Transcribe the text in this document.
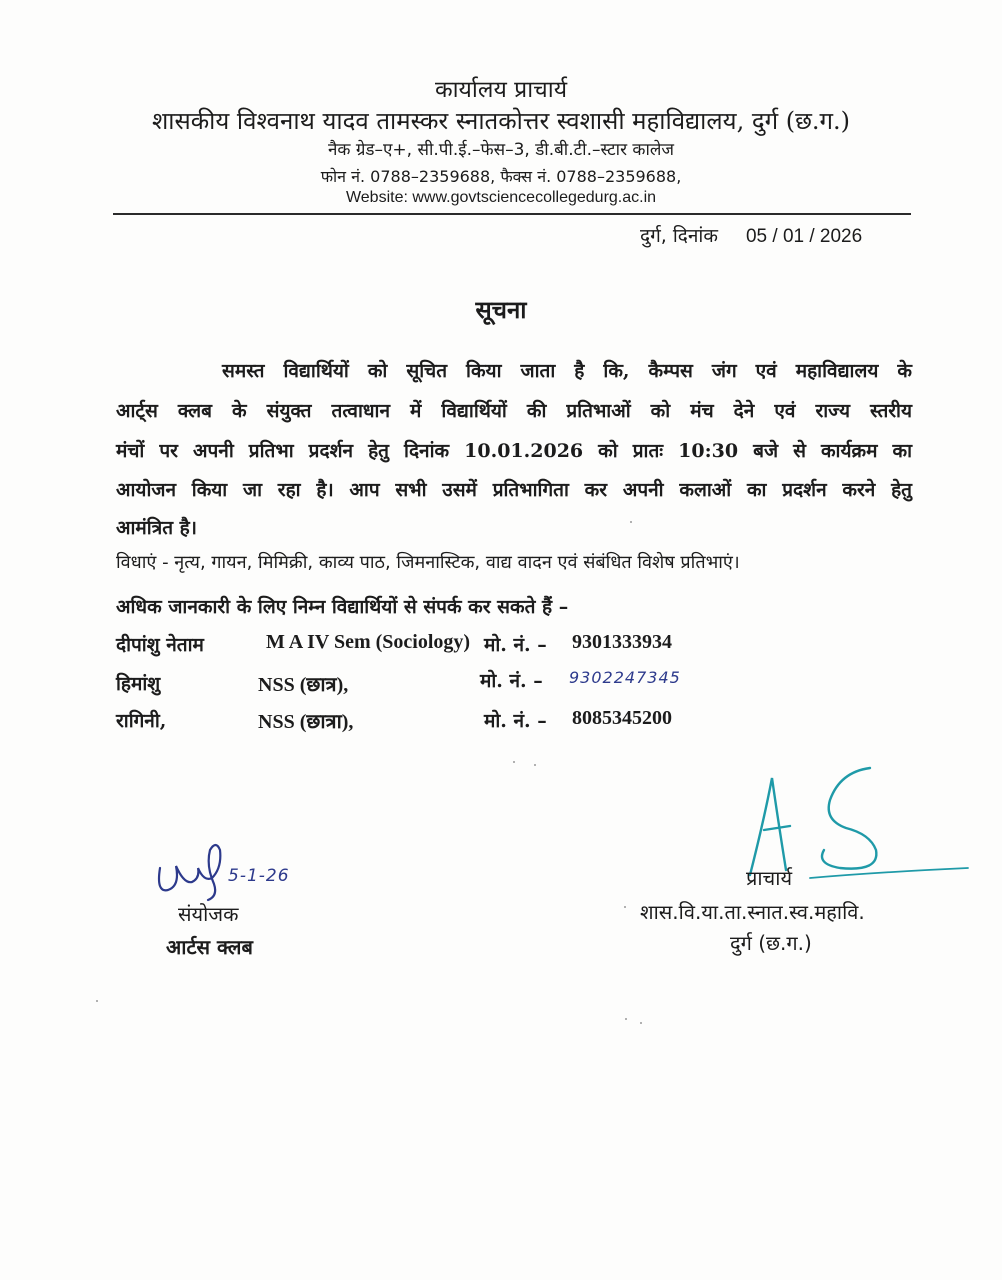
कार्यालय प्राचार्य
शासकीय विश्वनाथ यादव तामस्कर स्नातकोत्तर स्वशासी महाविद्यालय, दुर्ग (छ.ग.)
नैक ग्रेड–ए+, सी.पी.ई.–फेस–3, डी.बी.टी.–स्टार कालेज
फोन नं. 0788–2359688, फैक्स नं. 0788–2359688,
Website: www.govtsciencecollegedurg.ac.in
दुर्ग, दिनांक 05 / 01 / 2026
सूचना
समस्त विद्यार्थियों को सूचित किया जाता है कि, कैम्पस जंग एवं महाविद्यालय के
आर्ट्स क्लब के संयुक्त तत्वाधान में विद्यार्थियों की प्रतिभाओं को मंच देने एवं राज्य स्तरीय
मंचों पर अपनी प्रतिभा प्रदर्शन हेतु दिनांक 10.01.2026 को प्रातः 10:30 बजे से कार्यक्रम का
आयोजन किया जा रहा है। आप सभी उसमें प्रतिभागिता कर अपनी कलाओं का प्रदर्शन करने हेतु
आमंत्रित है।
विधाएं - नृत्य, गायन, मिमिक्री, काव्य पाठ, जिमनास्टिक, वाद्य वादन एवं संबंधित विशेष प्रतिभाएं।
अधिक जानकारी के लिए निम्न विद्यार्थियों से संपर्क कर सकते हैं –
दीपांशु नेताम	M A IV Sem (Sociology) मो. नं. – 9301333934
हिमांशु	NSS (छात्र),	मो. नं. – 9302247345
रागिनी,	NSS (छात्रा),	मो. नं. – 8085345200
5-1-26
संयोजक
आर्टस क्लब
प्राचार्य
शास.वि.या.ता.स्नात.स्व.महावि.
दुर्ग (छ.ग.)
